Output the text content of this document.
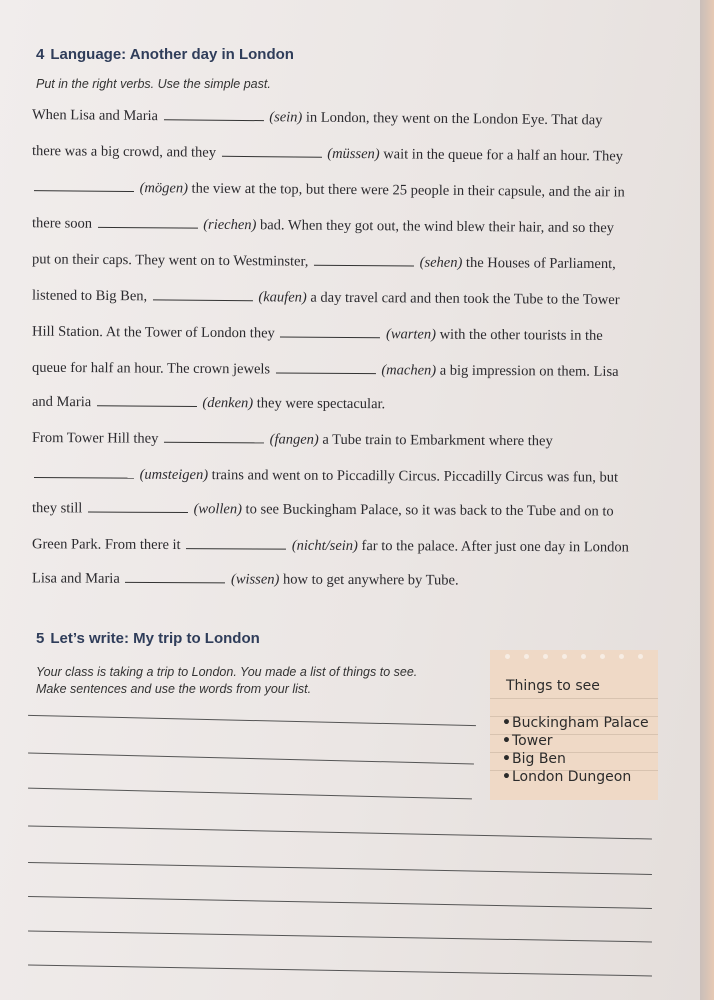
4 Language: Another day in London
Put in the right verbs. Use the simple past.
When Lisa and Maria	(sein) in London, they went on the London Eye. That day
there was a big crowd, and they	(müssen) wait in the queue for a half an hour. They
(mögen) the view at the top, but there were 25 people in their capsule, and the air in
there soon	(riechen) bad. When they got out, the wind blew their hair, and so they
put on their caps. They went on to Westminster,	(sehen) the Houses of Parliament,
listened to Big Ben,	(kaufen) a day travel card and then took the Tube to the Tower
Hill Station. At the Tower of London they	(warten) with the other tourists in the
queue for half an hour. The crown jewels	(machen) a big impression on them. Lisa
and Maria	(denken) they were spectacular.
From Tower Hill they	(fangen) a Tube train to Embarkment where they
(umsteigen) trains and went on to Piccadilly Circus. Piccadilly Circus was fun, but
they still	(wollen) to see Buckingham Palace, so it was back to the Tube and on to
Green Park. From there it	(nicht/sein) far to the palace. After just one day in London
Lisa and Maria	(wissen) how to get anywhere by Tube.
5 Let’s write: My trip to London
Your class is taking a trip to London. You made a list of things to see.
Make sentences and use the words from your list.	Things to see
•Buckingham Palace
•Tower
•Big Ben
•London Dungeon
